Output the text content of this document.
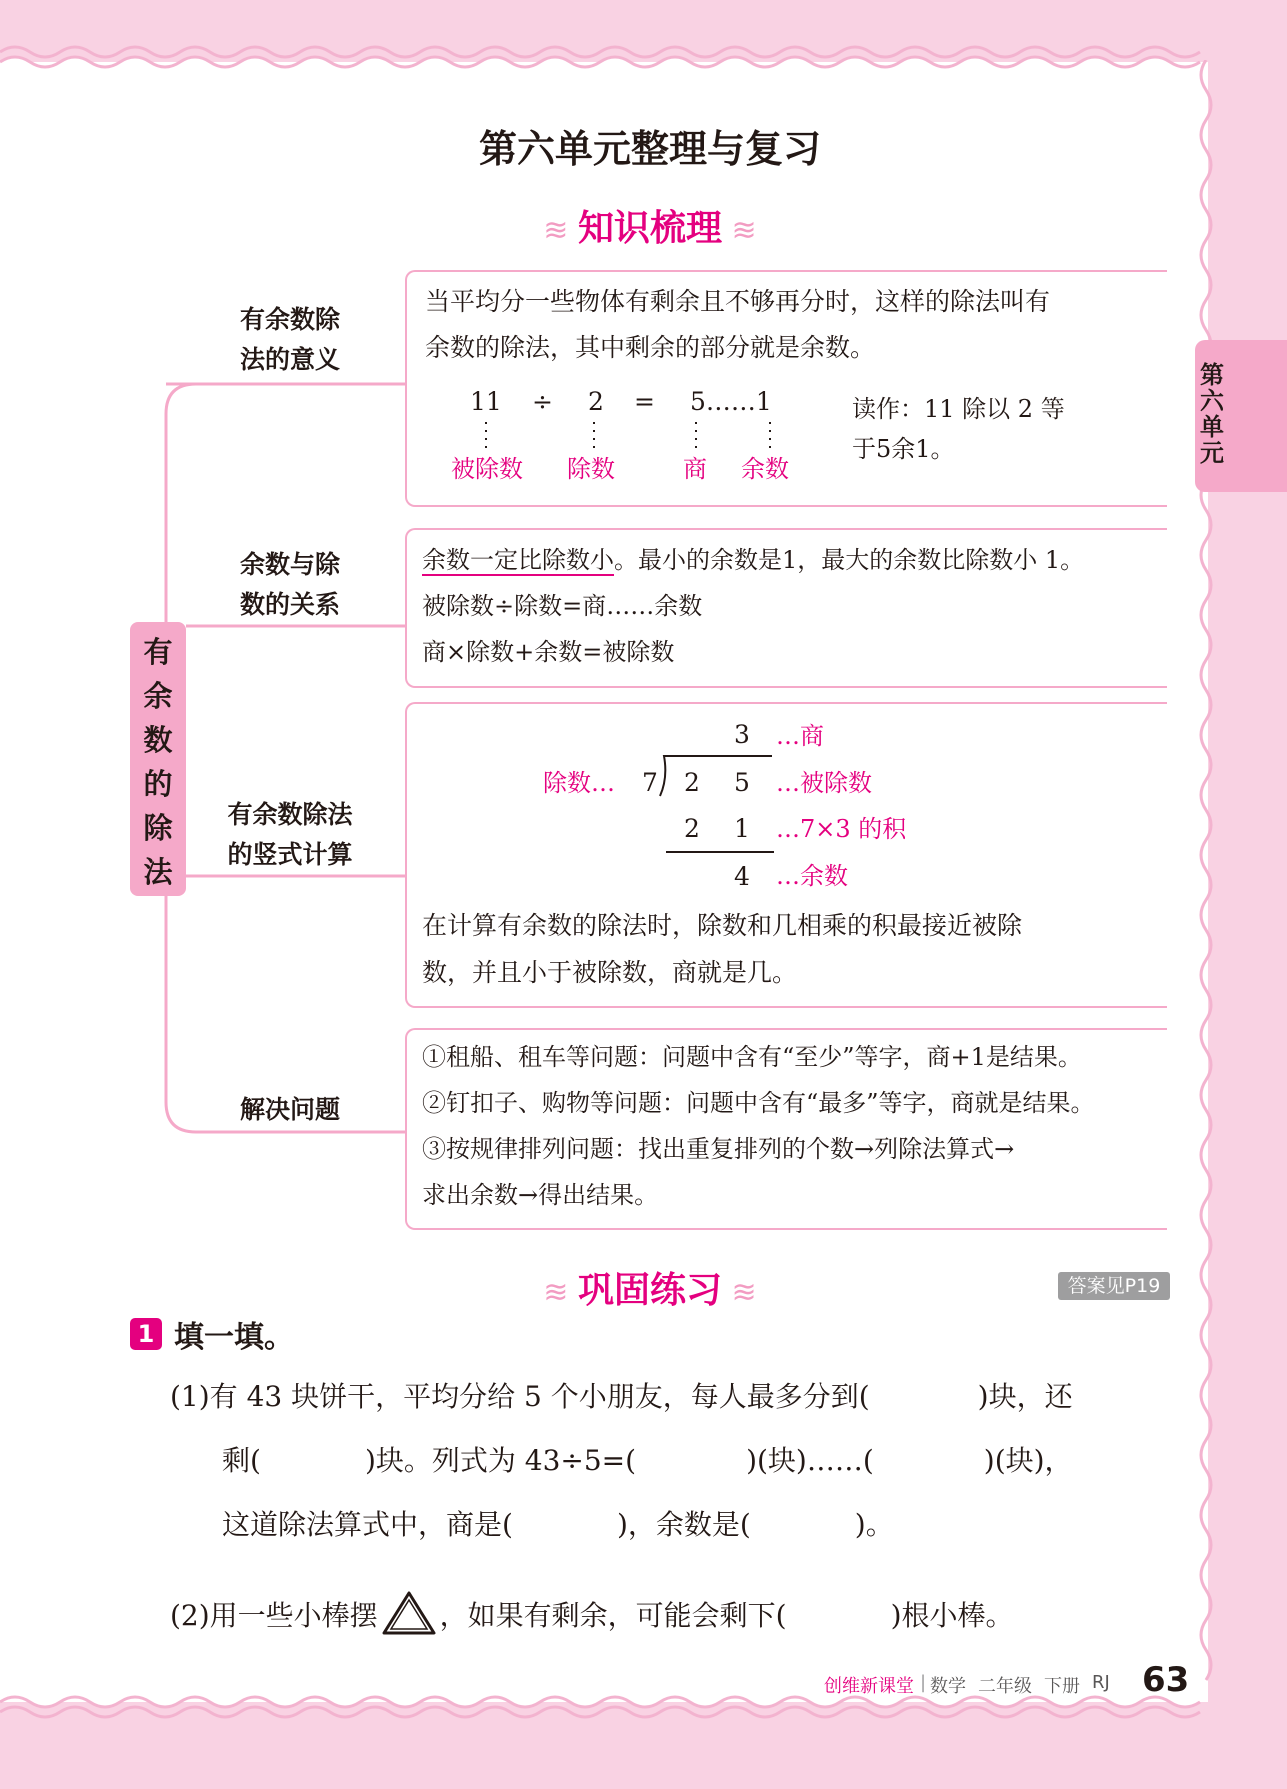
第六单元
第六单元整理与复习
≋ 知识梳理 ≋
有余数的除法
有余数除
法的意义
余数与除
数的关系
有余数除法
的竖式计算
解决问题
当平均分一些物体有剩余且不够再分时，这样的除法叫有
余数的除法，其中剩余的部分就是余数。
11 ÷ 2 = 5……1
被除数 除数	商 余数
读作：11 除以 2 等
于5余1。
余数一定比除数小。最小的余数是1，最大的余数比除数小 1。
被除数÷除数=商……余数
商×除数+余数=被除数
3 …商
除数… 7 2 5 …被除数
2 1 …7×3 的积
4 …余数
在计算有余数的除法时，除数和几相乘的积最接近被除
数，并且小于被除数，商就是几。
①租船、租车等问题：问题中含有“至少”等字，商+1是结果。
②钉扣子、购物等问题：问题中含有“最多”等字，商就是结果。
③按规律排列问题：找出重复排列的个数→列除法算式→
求出余数→得出结果。
≋ 巩固练习 ≋	答案见P19
1 填一填。
(1)有 43 块饼干，平均分给 5 个小朋友，每人最多分到(	)块，还
剩(	)块。列式为 43÷5=(	)(块)……(	)(块)，
这道除法算式中，商是(	)，余数是(	)。
(2)用一些小棒摆 ，如果有剩余，可能会剩下(	)根小棒。
创维新课堂 | 数学 二年级 下册 RJ 63
